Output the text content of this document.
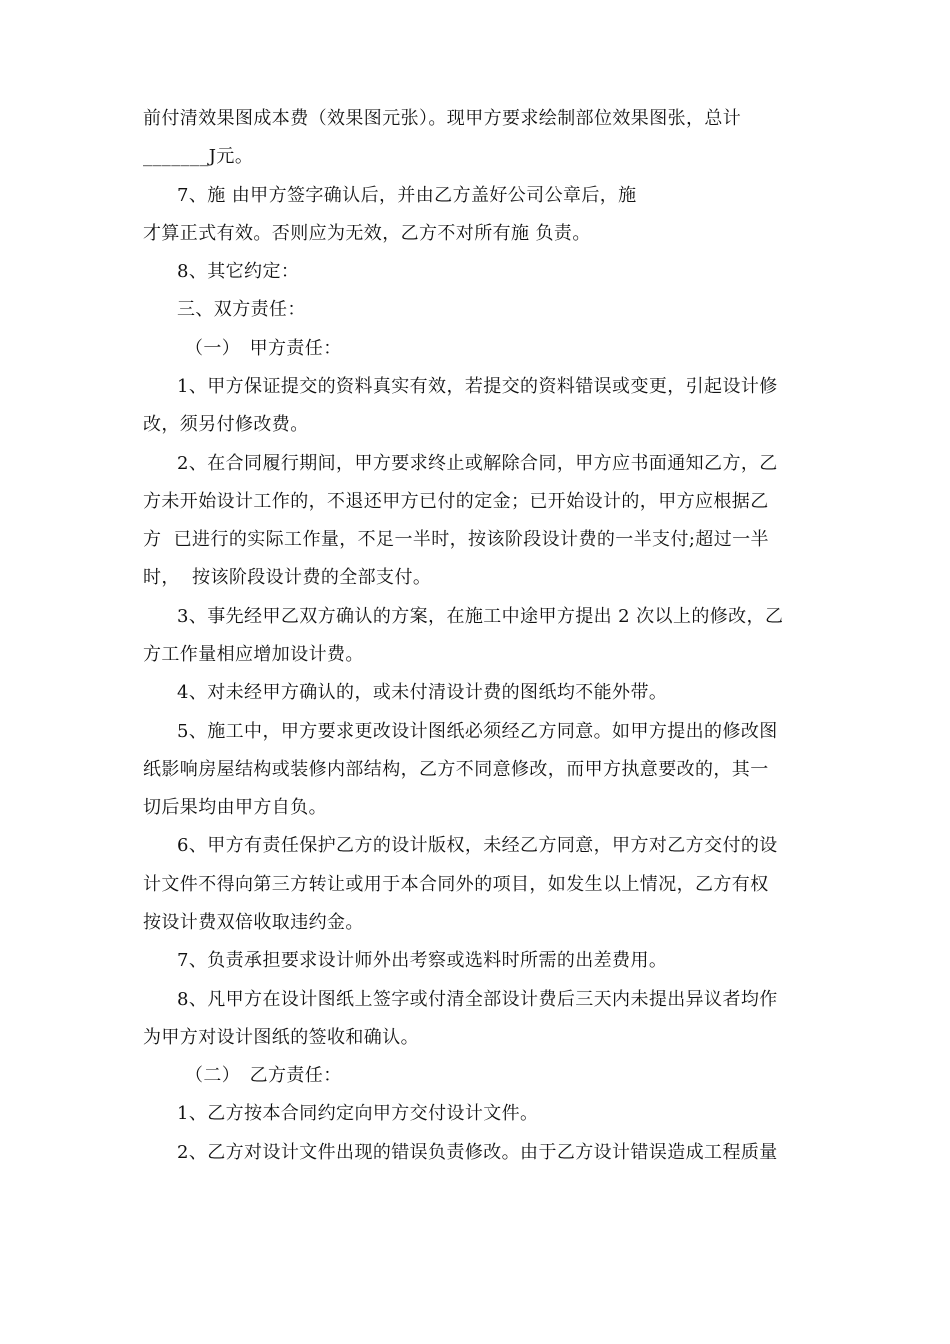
前付清效果图成本费（效果图元张）。现甲方要求绘制部位效果图张，总计
_______J元。
7、施 由甲方签字确认后，并由乙方盖好公司公章后，施
才算正式有效。否则应为无效，乙方不对所有施 负责。
8、其它约定：
三、双方责任：
（一）　甲方责任：
1、甲方保证提交的资料真实有效，若提交的资料错误或变更，引起设计修
改，须另付修改费。
2、在合同履行期间，甲方要求终止或解除合同，甲方应书面通知乙方，乙
方未开始设计工作的，不退还甲方已付的定金；已开始设计的，甲方应根据乙
方  已进行的实际工作量，不足一半时，按该阶段设计费的一半支付;超过一半
时，  按该阶段设计费的全部支付。
3、事先经甲乙双方确认的方案，在施工中途甲方提出 2 次以上的修改，乙
方工作量相应增加设计费。
4、对未经甲方确认的，或未付清设计费的图纸均不能外带。
5、施工中，甲方要求更改设计图纸必须经乙方同意。如甲方提出的修改图
纸影响房屋结构或装修内部结构，乙方不同意修改，而甲方执意要改的，其一
切后果均由甲方自负。
6、甲方有责任保护乙方的设计版权，未经乙方同意，甲方对乙方交付的设
计文件不得向第三方转让或用于本合同外的项目，如发生以上情况，乙方有权
按设计费双倍收取违约金。
7、负责承担要求设计师外出考察或选料时所需的出差费用。
8、凡甲方在设计图纸上签字或付清全部设计费后三天内未提出异议者均作
为甲方对设计图纸的签收和确认。
（二）　乙方责任：
1、乙方按本合同约定向甲方交付设计文件。
2、乙方对设计文件出现的错误负责修改。由于乙方设计错误造成工程质量
